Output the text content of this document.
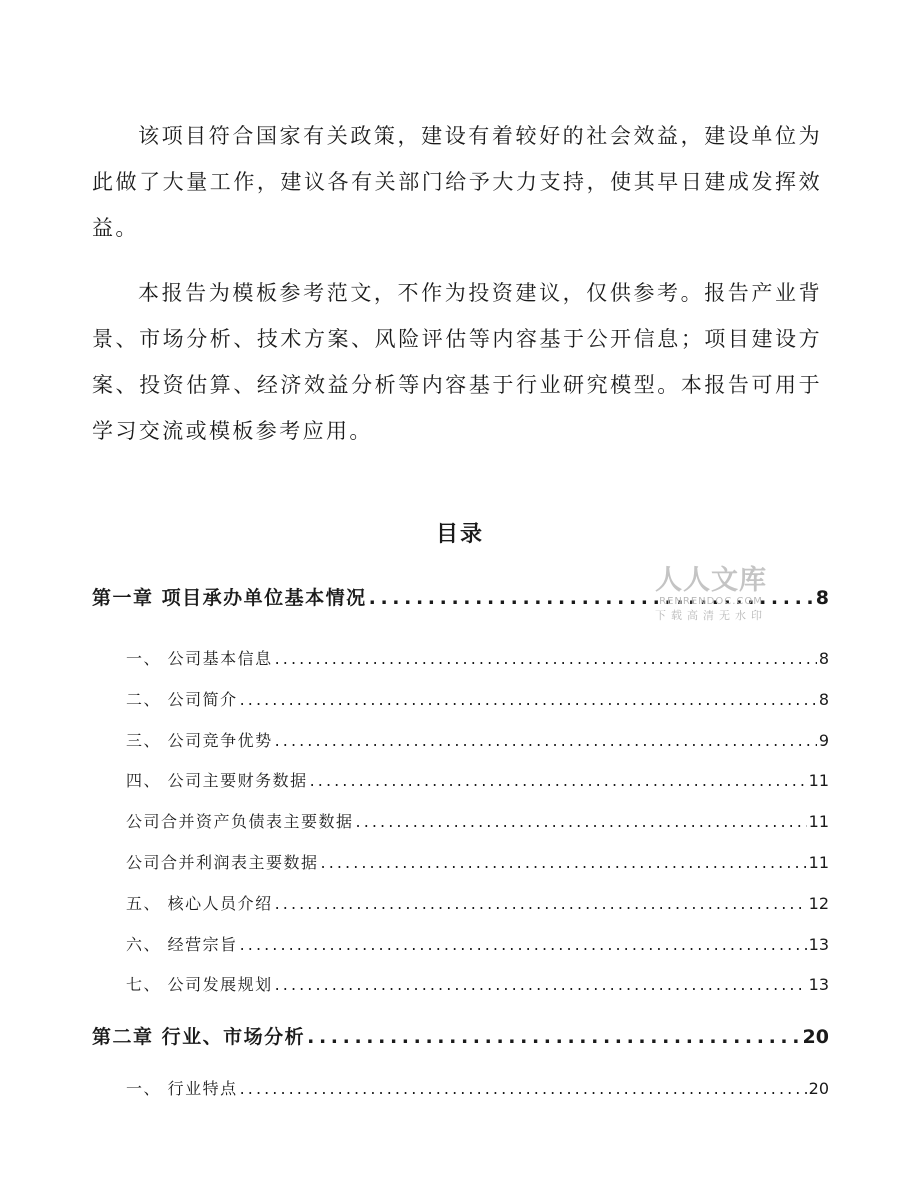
该项目符合国家有关政策，建设有着较好的社会效益，建设单位为此做了大量工作，建议各有关部门给予大力支持，使其早日建成发挥效益。

本报告为模板参考范文，不作为投资建议，仅供参考。报告产业背景、市场分析、技术方案、风险评估等内容基于公开信息；项目建设方案、投资估算、经济效益分析等内容基于行业研究模型。本报告可用于学习交流或模板参考应用。

目录
第一章 项目承办单位基本情况 . . .	8
一、 公司基本信息 . . .	8
二、 公司简介 . . .	8
三、 公司竞争优势 . . .	9
四、 公司主要财务数据 . . .	11
公司合并资产负债表主要数据 . . .	11
公司合并利润表主要数据 . . .	11
五、 核心人员介绍 . . .	12
六、 经营宗旨 . . .	13
七、 公司发展规划 . . .	13
第二章 行业、市场分析 . . .	20
一、 行业特点 . . .	20
人人文库
RENRENDOC.COM
下载高清无水印
